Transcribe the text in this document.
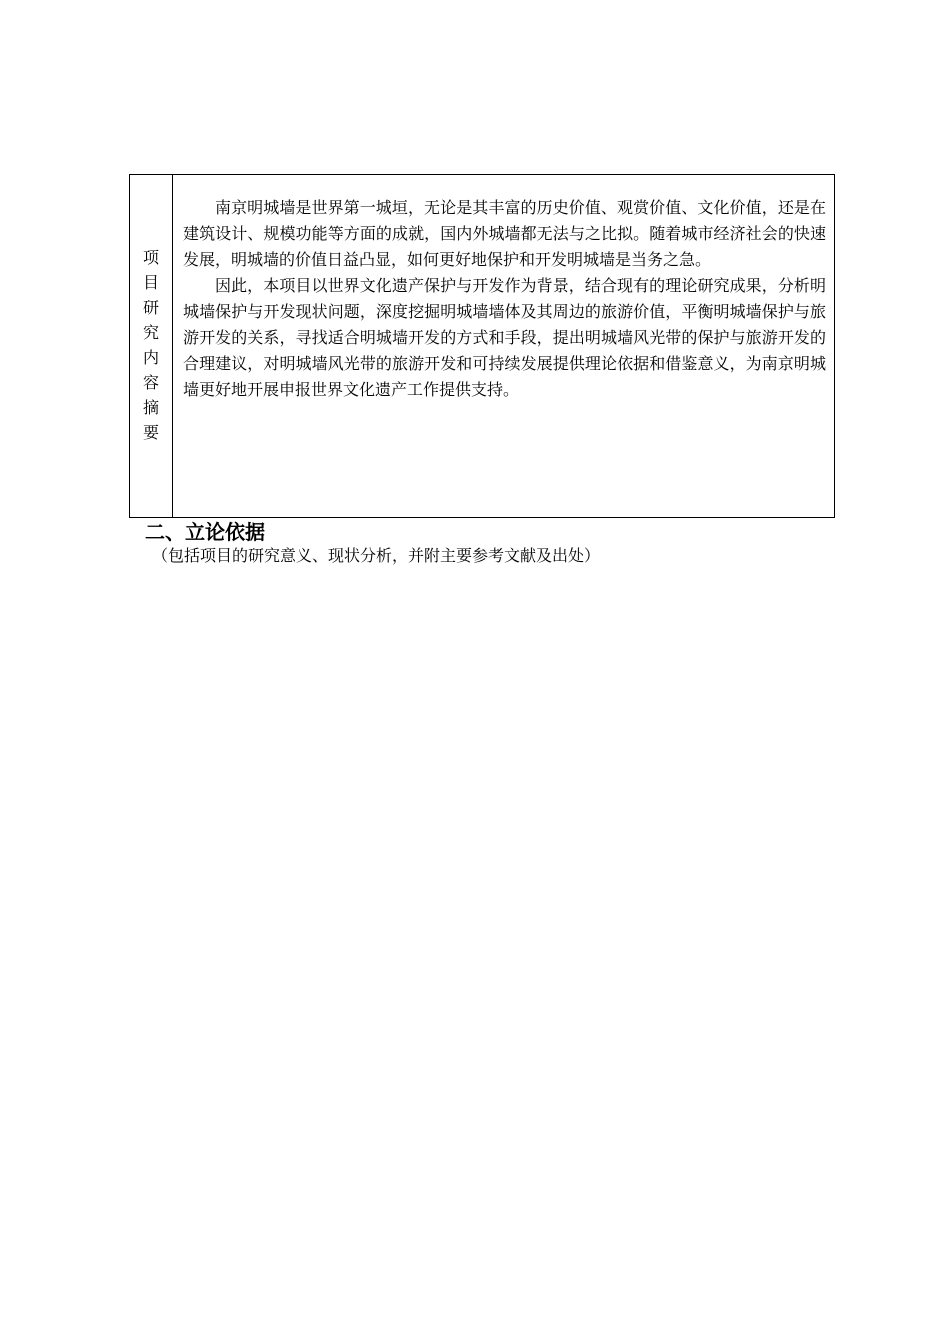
项
目
研
究
内
容
摘
要

南京明城墙是世界第一城垣，无论是其丰富的历史价值、观赏价值、文化价值，还是在建筑设计、规模功能等方面的成就，国内外城墙都无法与之比拟。随着城市经济社会的快速发展，明城墙的价值日益凸显，如何更好地保护和开发明城墙是当务之急。

因此，本项目以世界文化遗产保护与开发作为背景，结合现有的理论研究成果，分析明城墙保护与开发现状问题，深度挖掘明城墙墙体及其周边的旅游价值，平衡明城墙保护与旅游开发的关系，寻找适合明城墙开发的方式和手段，提出明城墙风光带的保护与旅游开发的合理建议，对明城墙风光带的旅游开发和可持续发展提供理论依据和借鉴意义，为南京明城墙更好地开展申报世界文化遗产工作提供支持。

二、立论依据

（包括项目的研究意义、现状分析，并附主要参考文献及出处）
